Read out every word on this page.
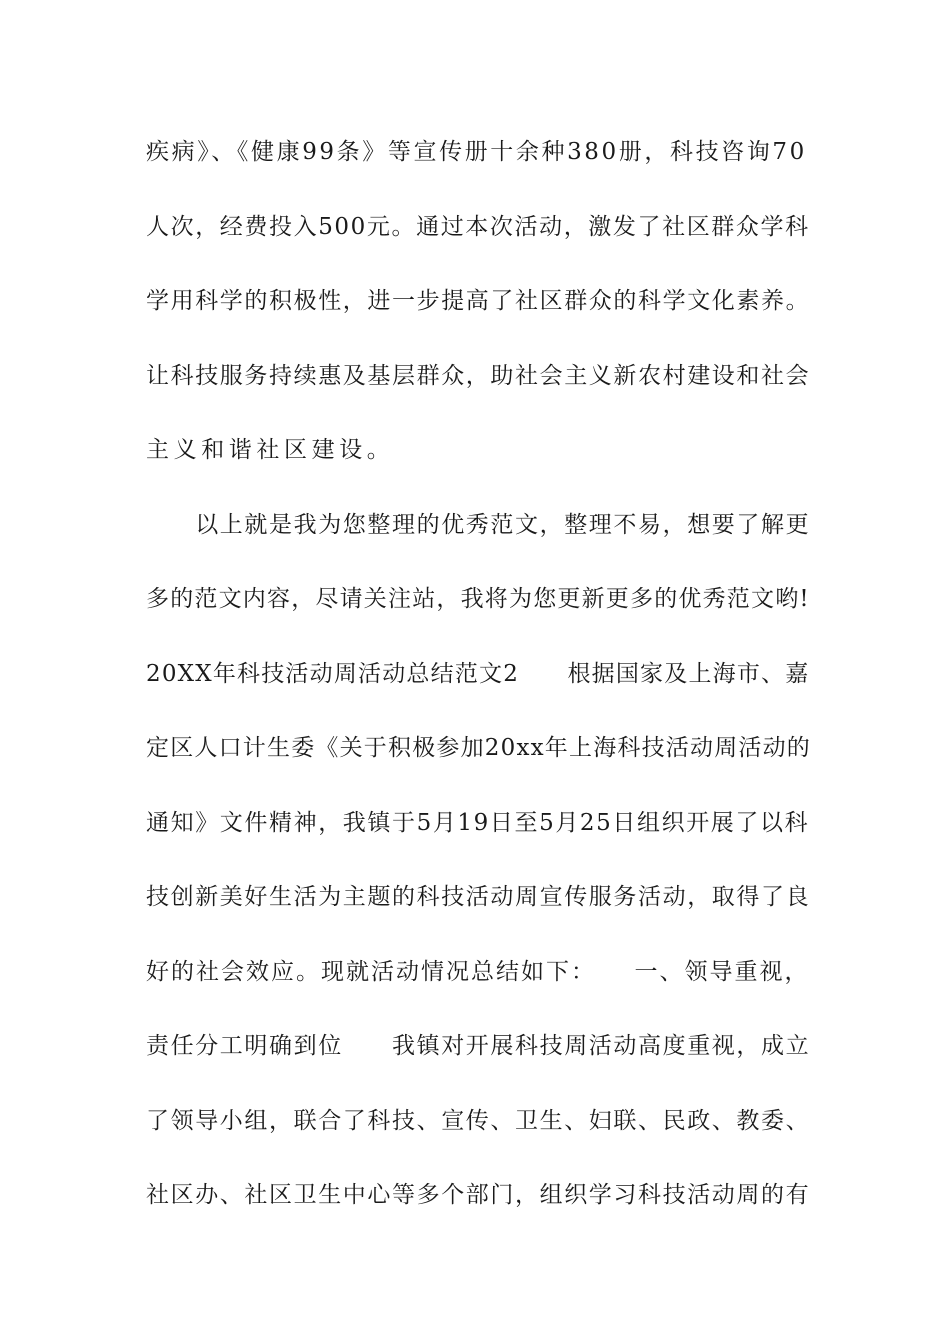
疾病》、《健康99条》等宣传册十余种380册，科技咨询70
人次，经费投入500元。通过本次活动，激发了社区群众学科
学用科学的积极性，进一步提高了社区群众的科学文化素养。
让科技服务持续惠及基层群众，助社会主义新农村建设和社会
主义和谐社区建设。
　　以上就是我为您整理的优秀范文，整理不易，想要了解更
多的范文内容，尽请关注站，我将为您更新更多的优秀范文哟!
20XX年科技活动周活动总结范文2　　根据国家及上海市、嘉
定区人口计生委《关于积极参加20xx年上海科技活动周活动的
通知》文件精神，我镇于5月19日至5月25日组织开展了以科
技创新美好生活为主题的科技活动周宣传服务活动，取得了良
好的社会效应。现就活动情况总结如下：　　一、领导重视，
责任分工明确到位　　我镇对开展科技周活动高度重视，成立
了领导小组，联合了科技、宣传、卫生、妇联、民政、教委、
社区办、社区卫生中心等多个部门，组织学习科技活动周的有
